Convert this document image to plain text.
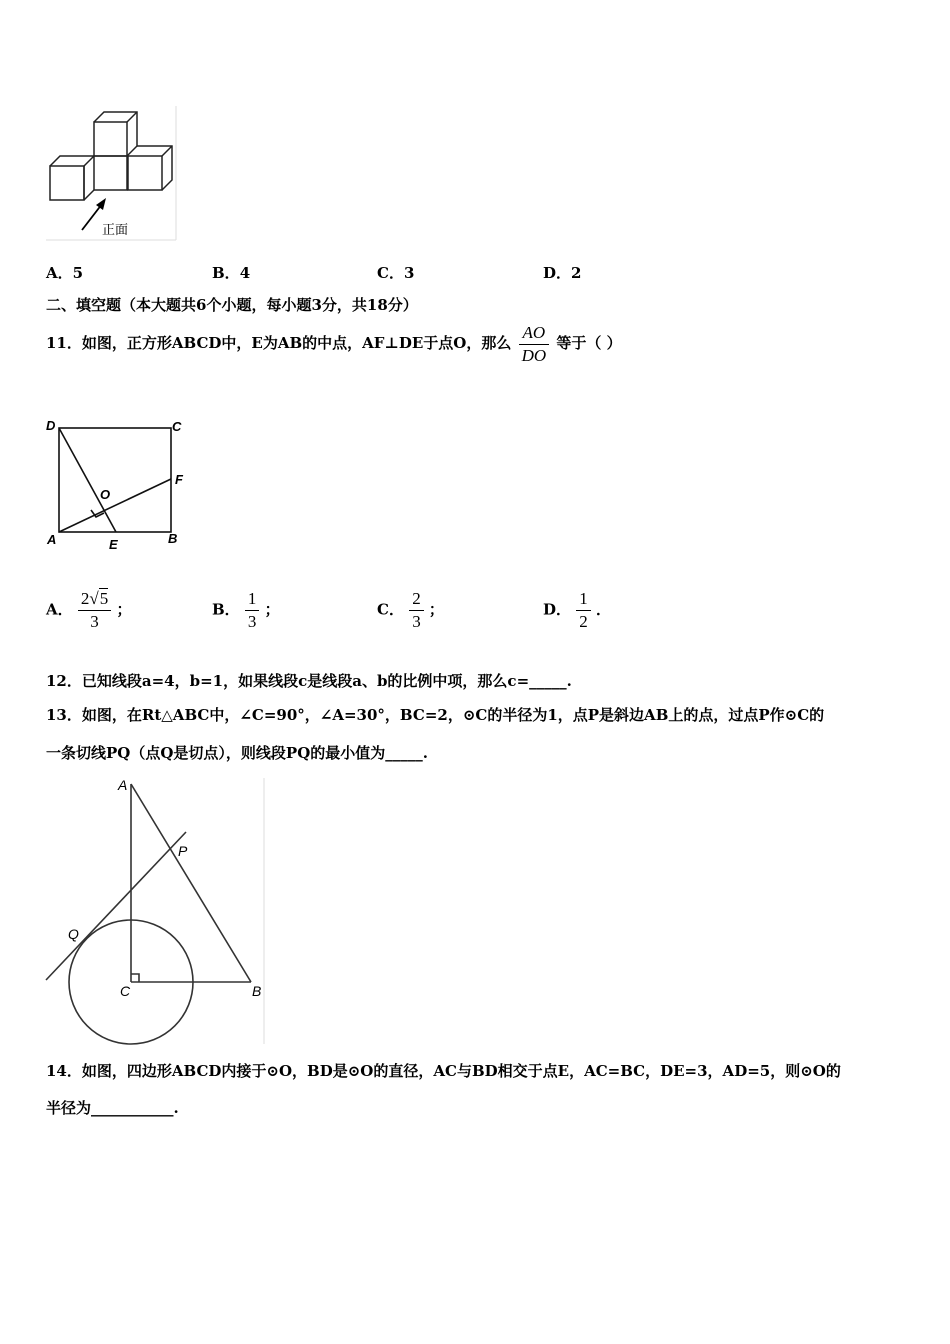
正面
A．5	B．4	C．3	D．2
二、填空题（本大题共6个小题，每小题3分，共18分）
11．如图，正方形ABCD中，E为AB的中点，AF⊥DE于点O，那么 $\frac{AO}{DO}$ 等于（ ）
D	C
F
O
A	E	B
A． $\frac{2√5}{3}$ ；	B． $\frac{1}{3}$ ；	C． $\frac{2}{3}$ ；	D． $\frac{1}{2}$ ．
12．已知线段a=4，b=1，如果线段c是线段a、b的比例中项，那么c=_____.
13．如图，在Rt△ABC中，∠C=90°，∠A=30°，BC=2，⊙C的半径为1，点P是斜边AB上的点，过点P作⊙C的
一条切线PQ（点Q是切点），则线段PQ的最小值为_____.
A
P
Q
C	B
14．如图，四边形ABCD内接于⊙O，BD是⊙O的直径，AC与BD相交于点E，AC=BC，DE=3，AD=5，则⊙O的
半径为___________.
